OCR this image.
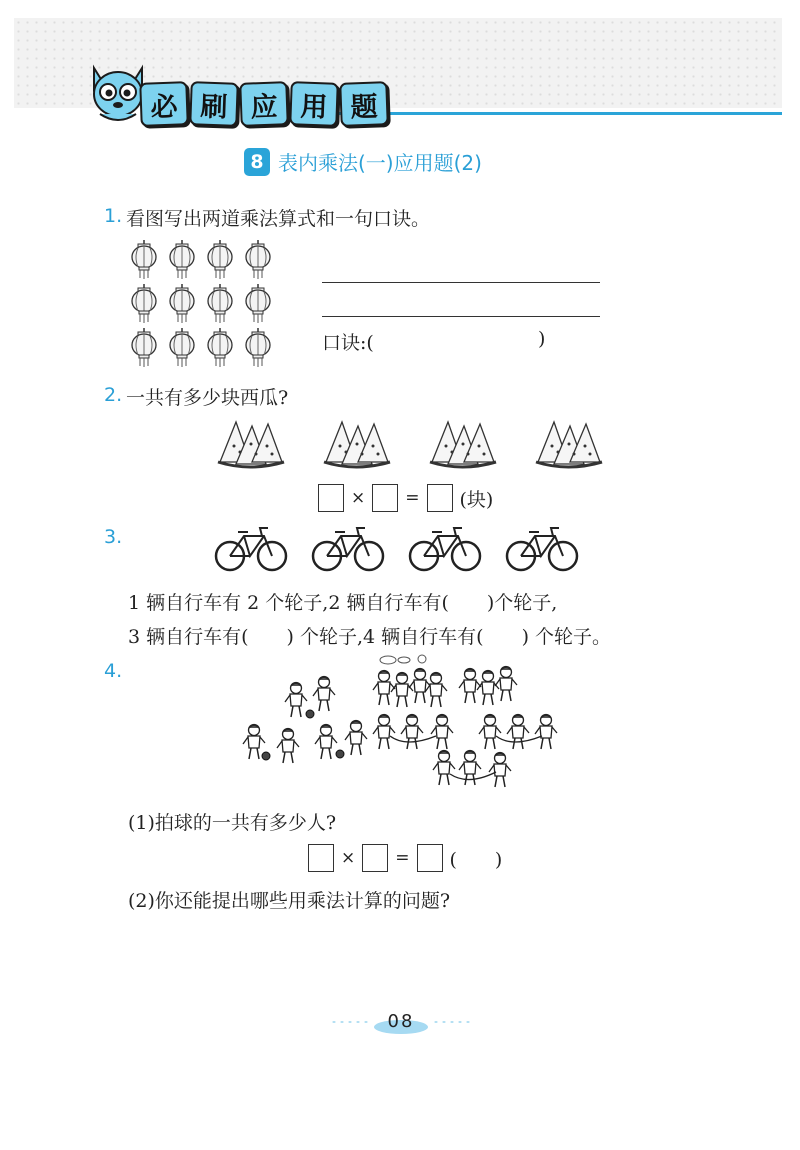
必 刷 应 用 题
8 表内乘法(一)应用题(2)
1. 看图写出两道乘法算式和一句口诀。
口诀:(	)
2. 一共有多少块西瓜?
× = (块)
3.
1 辆自行车有 2 个轮子,2 辆自行车有(　　)个轮子,
3 辆自行车有(　　) 个轮子,4 辆自行车有(　　) 个轮子。
4.
(1)拍球的一共有多少人?
× = (　　)
(2)你还能提出哪些用乘法计算的问题?
08
